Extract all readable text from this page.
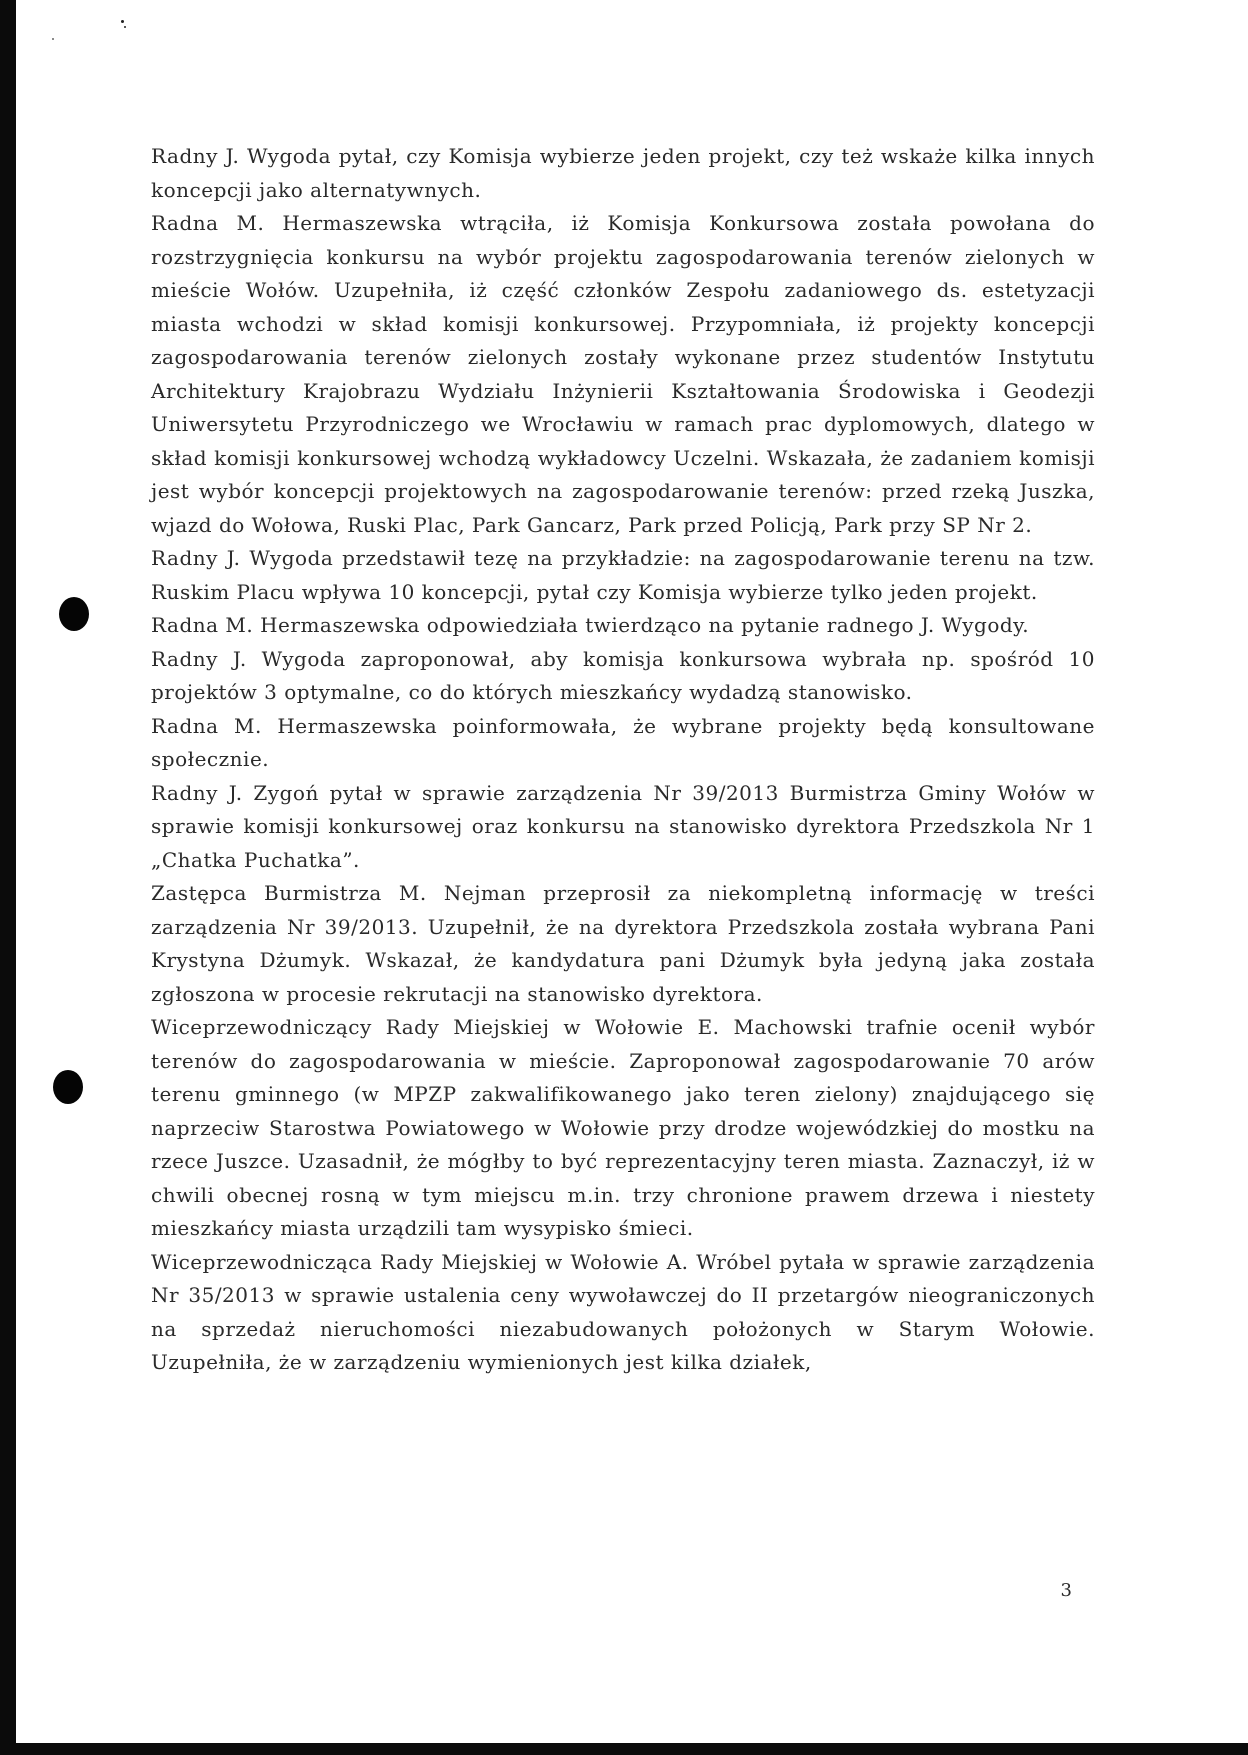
Radny J. Wygoda pytał, czy Komisja wybierze jeden projekt, czy też wskaże kilka innych koncepcji jako alternatywnych.

Radna M. Hermaszewska wtrąciła, iż Komisja Konkursowa została powołana do rozstrzygnięcia konkursu na wybór projektu zagospodarowania terenów zielonych w mieście Wołów. Uzupełniła, iż część członków Zespołu zadaniowego ds. estetyzacji miasta wchodzi w skład komisji konkursowej. Przypomniała, iż projekty koncepcji zagospodarowania terenów zielonych zostały wykonane przez studentów Instytutu Architektury Krajobrazu Wydziału Inżynierii Kształtowania Środowiska i Geodezji Uniwersytetu Przyrodniczego we Wrocławiu w ramach prac dyplomowych, dlatego w skład komisji konkursowej wchodzą wykładowcy Uczelni. Wskazała, że zadaniem komisji jest wybór koncepcji projektowych na zagospodarowanie terenów: przed rzeką Juszka, wjazd do Wołowa, Ruski Plac, Park Gancarz, Park przed Policją, Park przy SP Nr 2.

Radny J. Wygoda przedstawił tezę na przykładzie: na zagospodarowanie terenu na tzw. Ruskim Placu wpływa 10 koncepcji, pytał czy Komisja wybierze tylko jeden projekt.

Radna M. Hermaszewska odpowiedziała twierdząco na pytanie radnego J. Wygody.

Radny J. Wygoda zaproponował, aby komisja konkursowa wybrała np. spośród 10 projektów 3 optymalne, co do których mieszkańcy wydadzą stanowisko.

Radna M. Hermaszewska poinformowała, że wybrane projekty będą konsultowane społecznie.

Radny J. Zygoń pytał w sprawie zarządzenia Nr 39/2013 Burmistrza Gminy Wołów w sprawie komisji konkursowej oraz konkursu na stanowisko dyrektora Przedszkola Nr 1 „Chatka Puchatka”.

Zastępca Burmistrza M. Nejman przeprosił za niekompletną informację w treści zarządzenia Nr 39/2013. Uzupełnił, że na dyrektora Przedszkola została wybrana Pani Krystyna Dżumyk. Wskazał, że kandydatura pani Dżumyk była jedyną jaka została zgłoszona w procesie rekrutacji na stanowisko dyrektora.

Wiceprzewodniczący Rady Miejskiej w Wołowie E. Machowski trafnie ocenił wybór terenów do zagospodarowania w mieście. Zaproponował zagospodarowanie 70 arów terenu gminnego (w MPZP zakwalifikowanego jako teren zielony) znajdującego się naprzeciw Starostwa Powiatowego w Wołowie przy drodze wojewódzkiej do mostku na rzece Juszce. Uzasadnił, że mógłby to być reprezentacyjny teren miasta. Zaznaczył, iż w chwili obecnej rosną w tym miejscu m.in. trzy chronione prawem drzewa i niestety mieszkańcy miasta urządzili tam wysypisko śmieci.

Wiceprzewodnicząca Rady Miejskiej w Wołowie A. Wróbel pytała w sprawie zarządzenia Nr 35/2013 w sprawie ustalenia ceny wywoławczej do II przetargów nieograniczonych na sprzedaż nieruchomości niezabudowanych położonych w Starym Wołowie. Uzupełniła, że w zarządzeniu wymienionych jest kilka działek,

3
